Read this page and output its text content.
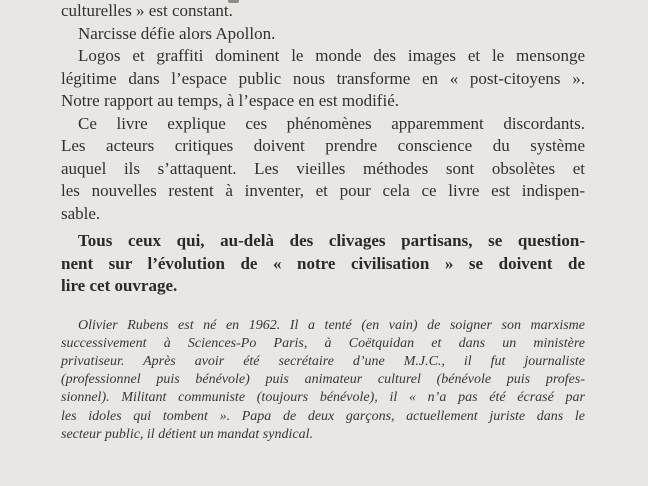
culturelles » est constant.
Narcisse défie alors Apollon.
Logos et graffiti dominent le monde des images et le mensonge
légitime dans l’espace public nous transforme en « post-citoyens ».
Notre rapport au temps, à l’espace en est modifié.
Ce livre explique ces phénomènes apparemment discordants.
Les acteurs critiques doivent prendre conscience du système
auquel ils s’attaquent. Les vieilles méthodes sont obsolètes et
les nouvelles restent à inventer, et pour cela ce livre est indispen-
sable.
Tous ceux qui, au-delà des clivages partisans, se question-
nent sur l’évolution de « notre civilisation » se doivent de
lire cet ouvrage.
Olivier Rubens est né en 1962. Il a tenté (en vain) de soigner son marxisme
successivement à Sciences-Po Paris, à Coëtquidan et dans un ministère
privatiseur. Après avoir été secrétaire d’une M.J.C., il fut journaliste
(professionnel puis bénévole) puis animateur culturel (bénévole puis profes-
sionnel). Militant communiste (toujours bénévole), il « n’a pas été écrasé par
les idoles qui tombent ». Papa de deux garçons, actuellement juriste dans le
secteur public, il détient un mandat syndical.
